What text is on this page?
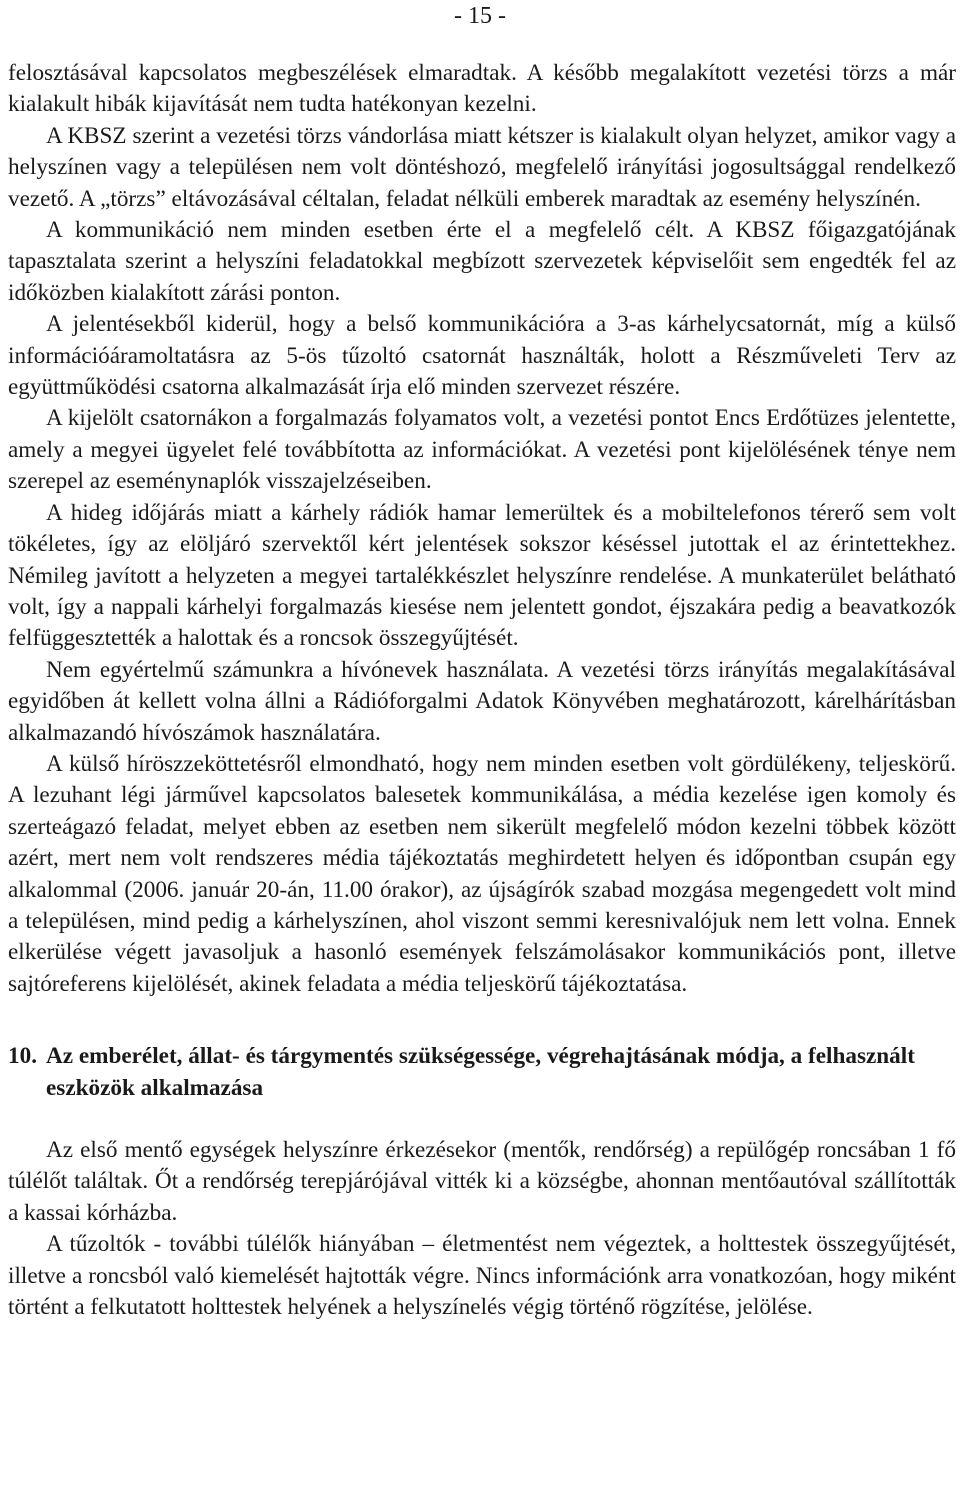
- 15 -

felosztásával kapcsolatos megbeszélések elmaradtak. A később megalakított vezetési törzs a már kialakult hibák kijavítását nem tudta hatékonyan kezelni.

A KBSZ szerint a vezetési törzs vándorlása miatt kétszer is kialakult olyan helyzet, amikor vagy a helyszínen vagy a településen nem volt döntéshozó, megfelelő irányítási jogosultsággal rendelkező vezető. A „törzs” eltávozásával céltalan, feladat nélküli emberek maradtak az esemény helyszínén.

A kommunikáció nem minden esetben érte el a megfelelő célt. A KBSZ főigazgatójának tapasztalata szerint a helyszíni feladatokkal megbízott szervezetek képviselőit sem engedték fel az időközben kialakított zárási ponton.

A jelentésekből kiderül, hogy a belső kommunikációra a 3-as kárhelycsatornát, míg a külső információáramoltatásra az 5-ös tűzoltó csatornát használták, holott a Részműveleti Terv az együttműködési csatorna alkalmazását írja elő minden szervezet részére.

A kijelölt csatornákon a forgalmazás folyamatos volt, a vezetési pontot Encs Erdőtüzes jelentette, amely a megyei ügyelet felé továbbította az információkat. A vezetési pont kijelölésének ténye nem szerepel az eseménynaplók visszajelzéseiben.

A hideg időjárás miatt a kárhely rádiók hamar lemerültek és a mobiltelefonos térerő sem volt tökéletes, így az elöljáró szervektől kért jelentések sokszor késéssel jutottak el az érintettekhez. Némileg javított a helyzeten a megyei tartalékkészlet helyszínre rendelése. A munkaterület belátható volt, így a nappali kárhelyi forgalmazás kiesése nem jelentett gondot, éjszakára pedig a beavatkozók felfüggesztették a halottak és a roncsok összegyűjtését.

Nem egyértelmű számunkra a hívónevek használata. A vezetési törzs irányítás megalakításával egyidőben át kellett volna állni a Rádióforgalmi Adatok Könyvében meghatározott, kárelhárításban alkalmazandó hívószámok használatára.

A külső híröszzeköttetésről elmondható, hogy nem minden esetben volt gördülékeny, teljeskörű. A lezuhant légi járművel kapcsolatos balesetek kommunikálása, a média kezelése igen komoly és szerteágazó feladat, melyet ebben az esetben nem sikerült megfelelő módon kezelni többek között azért, mert nem volt rendszeres média tájékoztatás meghirdetett helyen és időpontban csupán egy alkalommal (2006. január 20-án, 11.00 órakor), az újságírók szabad mozgása megengedett volt mind a településen, mind pedig a kárhelyszínen, ahol viszont semmi keresnivalójuk nem lett volna. Ennek elkerülése végett javasoljuk a hasonló események felszámolásakor kommunikációs pont, illetve sajtóreferens kijelölését, akinek feladata a média teljeskörű tájékoztatása.

10. Az emberélet, állat- és tárgymentés szükségessége, végrehajtásának módja, a felhasznált eszközök alkalmazása

Az első mentő egységek helyszínre érkezésekor (mentők, rendőrség) a repülőgép roncsában 1 fő túlélőt találtak. Őt a rendőrség terepjárójával vitték ki a községbe, ahonnan mentőautóval szállították a kassai kórházba.

A tűzoltók - további túlélők hiányában – életmentést nem végeztek, a holttestek összegyűjtését, illetve a roncsból való kiemelését hajtották végre. Nincs információnk arra vonatkozóan, hogy miként történt a felkutatott holttestek helyének a helyszínelés végig történő rögzítése, jelölése.
